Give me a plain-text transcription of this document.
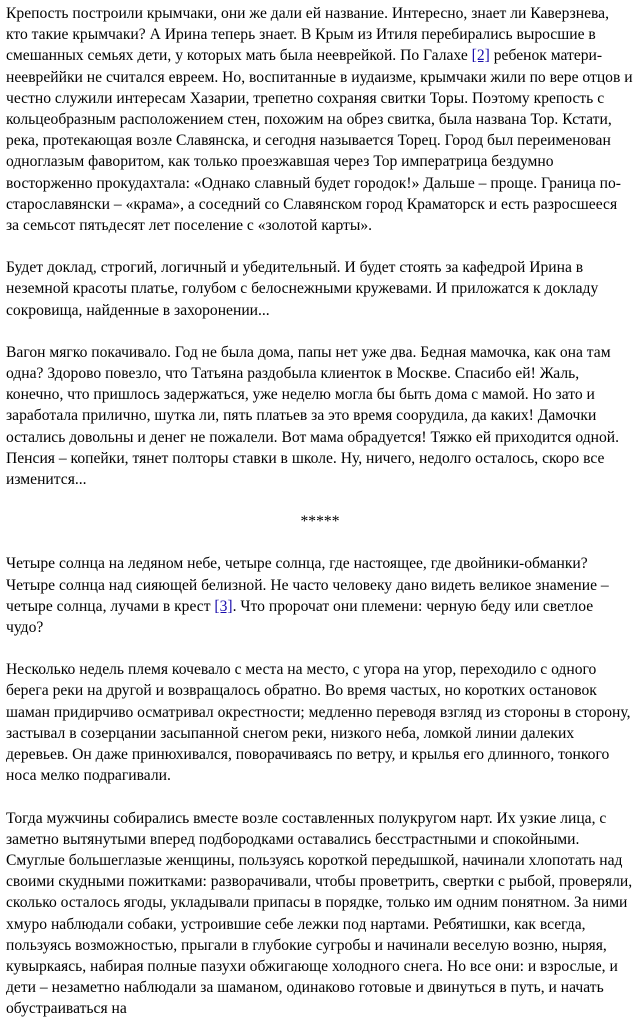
Крепость построили крымчаки, они же дали ей название. Интересно, знает ли Каверзнева, кто такие крымчаки? А Ирина теперь знает. В Крым из Итиля перебирались выросшие в смешанных семьях дети, у которых мать была нееврейкой. По Галахе [2] ребенок матери-неевреййки не считался евреем. Но, воспитанные в иудаизме, крымчаки жили по вере отцов и честно служили интересам Хазарии, трепетно сохраняя свитки Торы. Поэтому крепость с кольцеобразным расположением стен, похожим на обрез свитка, была названа Тор. Кстати, река, протекающая возле Славянска, и сегодня называется Торец. Город был переименован одноглазым фаворитом, как только проезжавшая через Тор императрица бездумно восторженно прокудахтала: «Однако славный будет городок!» Дальше – проще. Граница по-старославянски – «крама», а соседний со Славянском город Краматорск и есть разросшееся за семьсот пятьдесят лет поселение с «золотой карты».

Будет доклад, строгий, логичный и убедительный. И будет стоять за кафедрой Ирина в неземной красоты платье, голубом с белоснежными кружевами. И приложатся к докладу сокровища, найденные в захоронении...

Вагон мягко покачивало. Год не была дома, папы нет уже два. Бедная мамочка, как она там одна? Здорово повезло, что Татьяна раздобыла клиенток в Москве. Спасибо ей! Жаль, конечно, что пришлось задержаться, уже неделю могла бы быть дома с мамой. Но зато и заработала прилично, шутка ли, пять платьев за это время соорудила, да каких! Дамочки остались довольны и денег не пожалели. Вот мама обрадуется! Тяжко ей приходится одной. Пенсия – копейки, тянет полторы ставки в школе. Ну, ничего, недолго осталось, скоро все изменится...

*****

Четыре солнца на ледяном небе, четыре солнца, где настоящее, где двойники-обманки? Четыре солнца над сияющей белизной. Не часто человеку дано видеть великое знамение – четыре солнца, лучами в крест [3]. Что пророчат они племени: черную беду или светлое чудо?

Несколько недель племя кочевало с места на место, с угора на угор, переходило с одного берега реки на другой и возвращалось обратно. Во время частых, но коротких остановок шаман придирчиво осматривал окрестности; медленно переводя взгляд из стороны в сторону, застывал в созерцании засыпанной снегом реки, низкого неба, ломкой линии далеких деревьев. Он даже принюхивался, поворачиваясь по ветру, и крылья его длинного, тонкого носа мелко подрагивали.

Тогда мужчины собирались вместе возле составленных полукругом нарт. Их узкие лица, с заметно вытянутыми вперед подбородками оставались бесстрастными и спокойными. Смуглые большеглазые женщины, пользуясь короткой передышкой, начинали хлопотать над своими скудными пожитками: разворачивали, чтобы проветрить, свертки с рыбой, проверяли, сколько осталось ягоды, укладывали припасы в порядке, только им одним понятном. За ними хмуро наблюдали собаки, устроившие себе лежки под нартами. Ребятишки, как всегда, пользуясь возможностью, прыгали в глубокие сугробы и начинали веселую возню, ныряя, кувыркаясь, набирая полные пазухи обжигающе холодного снега. Но все они: и взрослые, и дети – незаметно наблюдали за шаманом, одинаково готовые и двинуться в путь, и начать обустраиваться на
